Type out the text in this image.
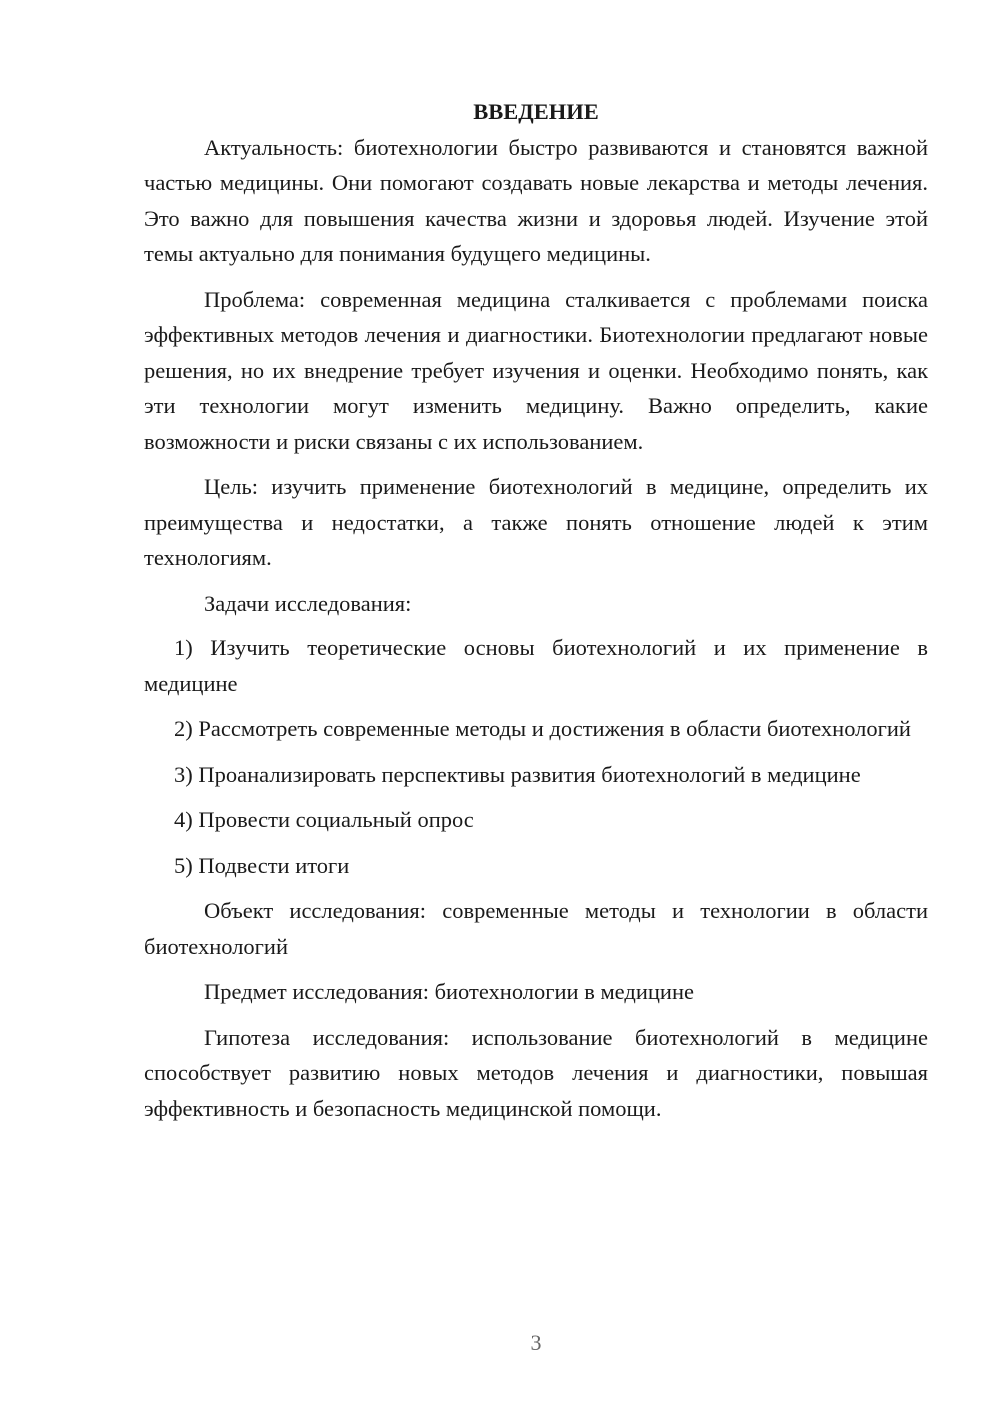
ВВЕДЕНИЕ

Актуальность: биотехнологии быстро развиваются и становятся важной частью медицины. Они помогают создавать новые лекарства и методы лечения. Это важно для повышения качества жизни и здоровья людей. Изучение этой темы актуально для понимания будущего медицины.

Проблема: современная медицина сталкивается с проблемами поиска эффективных методов лечения и диагностики. Биотехнологии предлагают новые решения, но их внедрение требует изучения и оценки. Необходимо понять, как эти технологии могут изменить медицину. Важно определить, какие возможности и риски связаны с их использованием.

Цель: изучить применение биотехнологий в медицине, определить их преимущества и недостатки, а также понять отношение людей к этим технологиям.

Задачи исследования:

1) Изучить теоретические основы биотехнологий и их применение в медицине

2) Рассмотреть современные методы и достижения в области биотехнологий

3) Проанализировать перспективы развития биотехнологий в медицине

4) Провести социальный опрос

5) Подвести итоги

Объект исследования: современные методы и технологии в области биотехнологий

Предмет исследования: биотехнологии в медицине

Гипотеза исследования: использование биотехнологий в медицине способствует развитию новых методов лечения и диагностики, повышая эффективность и безопасность медицинской помощи.

3
